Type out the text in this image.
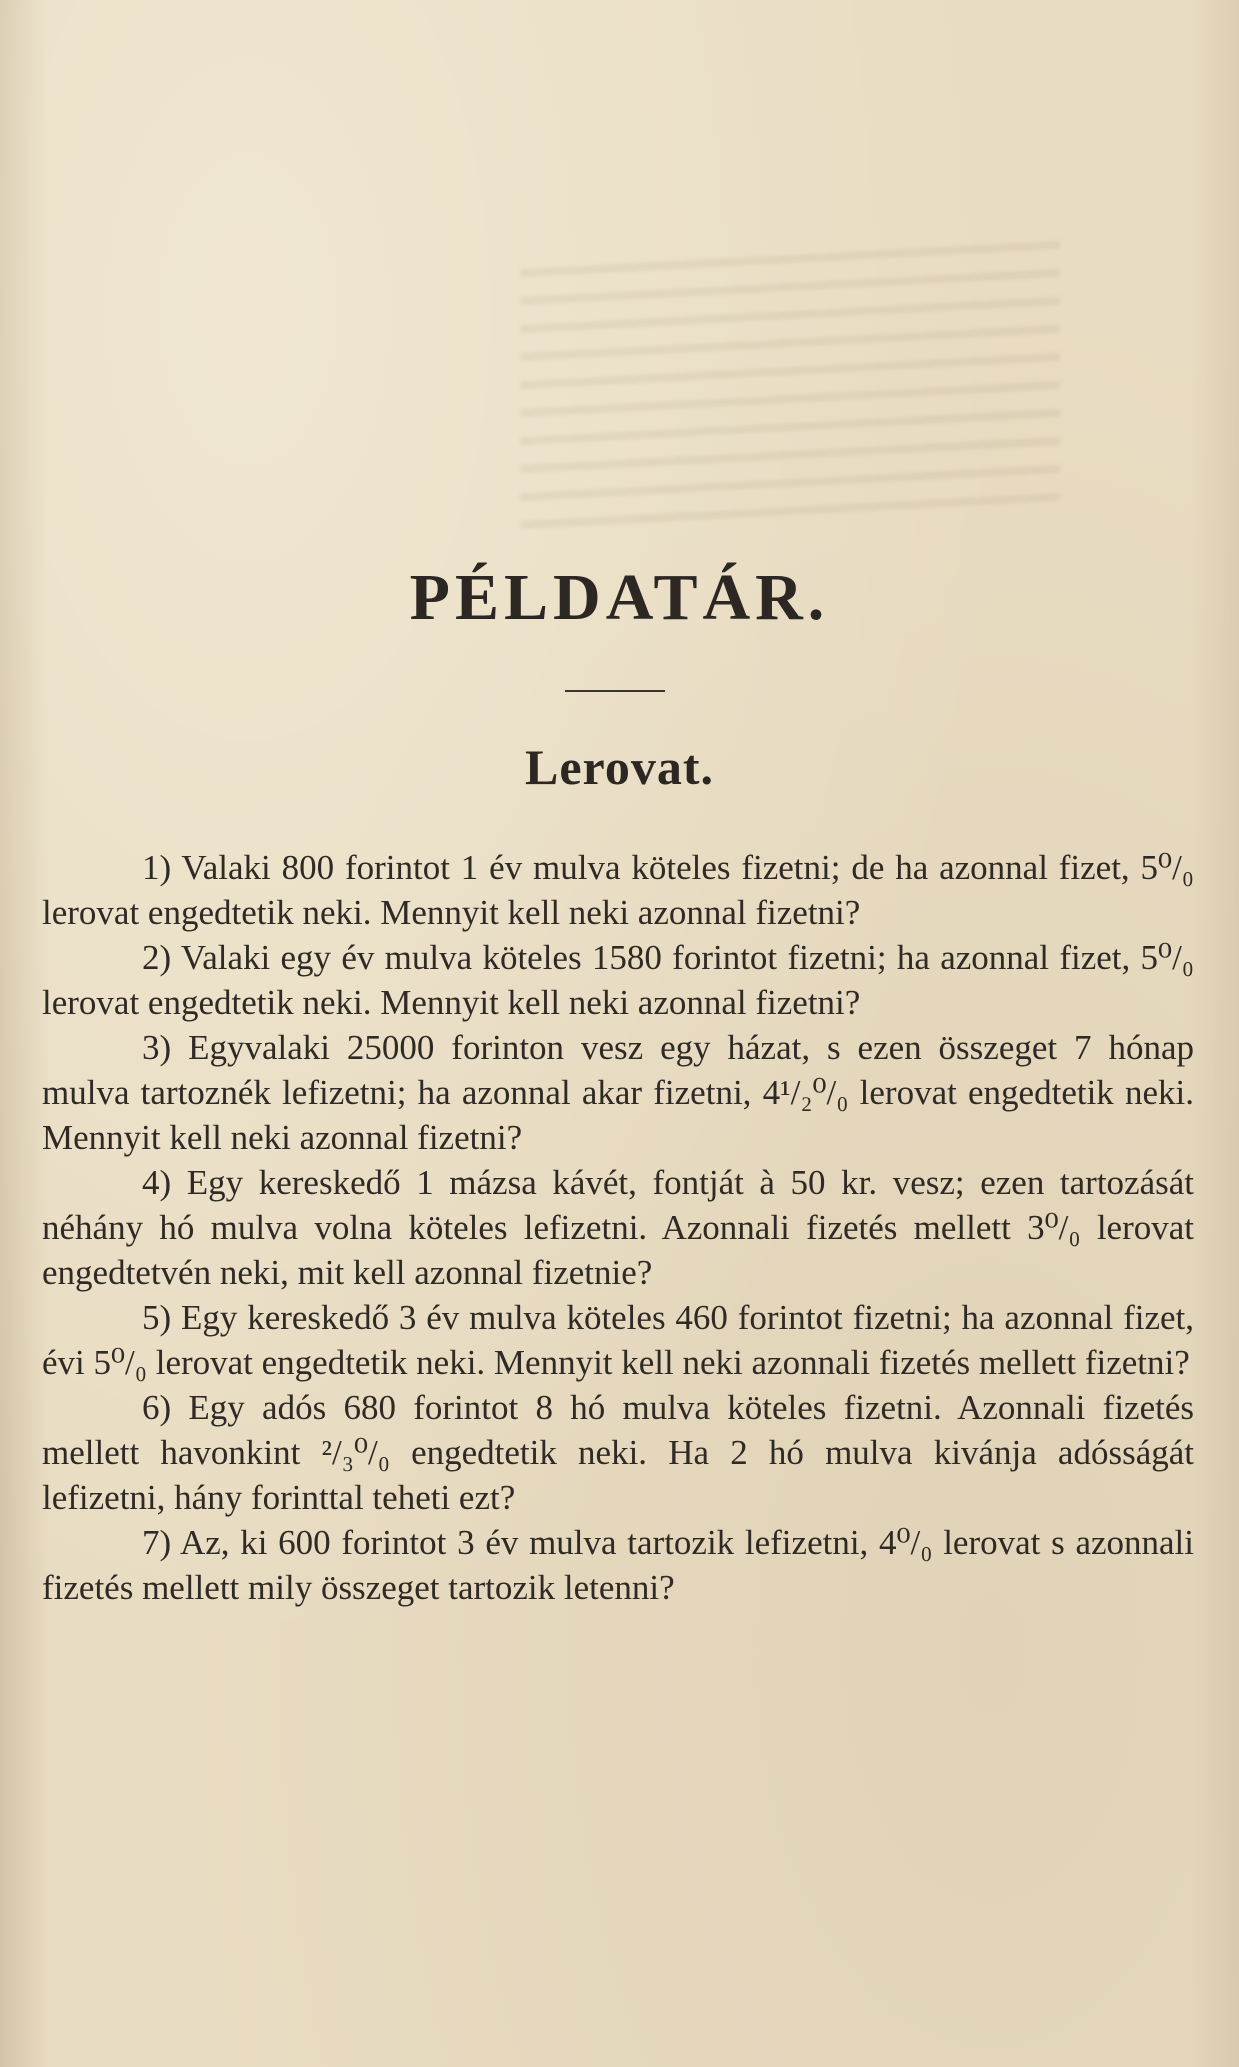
PÉLDATÁR.
Lerovat.

1) Valaki 800 forintot 1 év mulva köteles fizetni; de ha azonnal fizet, 5⁰/₀ lerovat engedtetik neki. Mennyit kell neki azonnal fizetni?

2) Valaki egy év mulva köteles 1580 forintot fizetni; ha azonnal fizet, 5⁰/₀ lerovat engedtetik neki. Mennyit kell neki azonnal fizetni?

3) Egyvalaki 25000 forinton vesz egy házat, s ezen összeget 7 hónap mulva tartoznék lefizetni; ha azonnal akar fizetni, 4¹/₂⁰/₀ lerovat engedtetik neki. Mennyit kell neki azonnal fizetni?

4) Egy kereskedő 1 mázsa kávét, fontját à 50 kr. vesz; ezen tartozását néhány hó mulva volna köteles lefizetni. Azonnali fizetés mellett 3⁰/₀ lerovat engedtetvén neki, mit kell azonnal fizetnie?

5) Egy kereskedő 3 év mulva köteles 460 forintot fizetni; ha azonnal fizet, évi 5⁰/₀ lerovat engedtetik neki. Mennyit kell neki azonnali fizetés mellett fizetni?

6) Egy adós 680 forintot 8 hó mulva köteles fizetni. Azonnali fizetés mellett havonkint ²/₃⁰/₀ engedtetik neki. Ha 2 hó mulva kivánja adósságát lefizetni, hány forinttal teheti ezt?

7) Az, ki 600 forintot 3 év mulva tartozik lefizetni, 4⁰/₀ lerovat s azonnali fizetés mellett mily összeget tartozik letenni?
